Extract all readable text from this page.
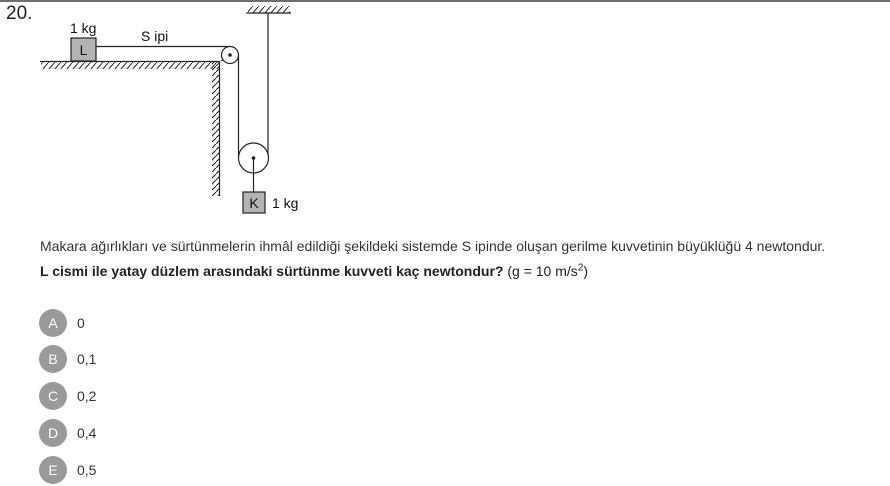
20.
L
1 kg	S ipi
K 1 kg
Makara ağırlıkları ve sürtünmelerin ihmâl edildiği şekildeki sistemde S ipinde oluşan gerilme kuvvetinin büyüklüğü 4 newtondur.
L cismi ile yatay düzlem arasındaki sürtünme kuvveti kaç newtondur? (g = 10 $m/s^2$)
A	0
B	0,1
C	0,2
D	0,4
E	0,5
